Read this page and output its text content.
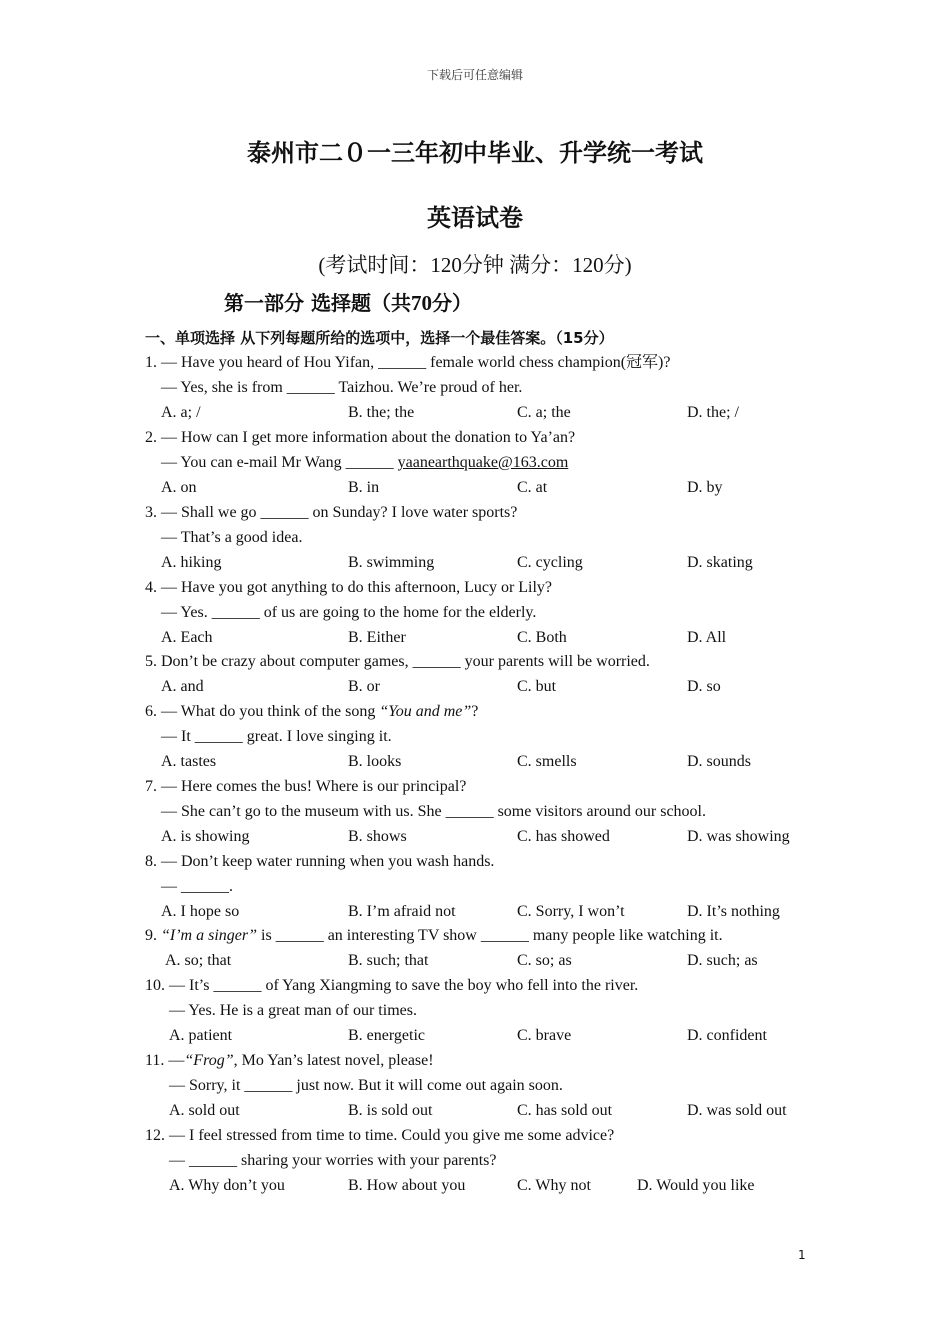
下载后可任意编辑
泰州市二０一三年初中毕业、升学统一考试
英语试卷
(考试时间：120分钟 满分：120分)
第一部分 选择题（共70分）
一、单项选择 从下列每题所给的选项中，选择一个最佳答案。（15分）
1. — Have you heard of Hou Yifan, ______ female world chess champion(冠军)?
— Yes, she is from ______ Taizhou. We’re proud of her.
A. a; /	B. the; the	C. a; the	D. the; /
2. — How can I get more information about the donation to Ya’an?
— You can e-mail Mr Wang ______ yaanearthquake@163.com
A. on	B. in	C. at	D. by
3. — Shall we go ______ on Sunday? I love water sports?
— That’s a good idea.
A. hiking	B. swimming	C. cycling	D. skating
4. — Have you got anything to do this afternoon, Lucy or Lily?
— Yes. ______ of us are going to the home for the elderly.
A. Each	B. Either	C. Both	D. All
5. Don’t be crazy about computer games, ______ your parents will be worried.
A. and	B. or	C. but	D. so
6. — What do you think of the song “You and me”?
— It ______ great. I love singing it.
A. tastes	B. looks	C. smells	D. sounds
7. — Here comes the bus! Where is our principal?
— She can’t go to the museum with us. She ______ some visitors around our school.
A. is showing	B. shows	C. has showed	D. was showing
8. — Don’t keep water running when you wash hands.
— ______.
A. I hope so	B. I’m afraid not	C. Sorry, I won’t	D. It’s nothing
9. “I’m a singer” is ______ an interesting TV show ______ many people like watching it.
A. so; that	B. such; that	C. so; as	D. such; as
10. — It’s ______ of Yang Xiangming to save the boy who fell into the river.
— Yes. He is a great man of our times.
A. patient	B. energetic	C. brave	D. confident
11. —“Frog”, Mo Yan’s latest novel, please!
— Sorry, it ______ just now. But it will come out again soon.
A. sold out	B. is sold out	C. has sold out	D. was sold out
12. — I feel stressed from time to time. Could you give me some advice?
— ______ sharing your worries with your parents?
A. Why don’t you	B. How about you	C. Why not	D. Would you like
1
